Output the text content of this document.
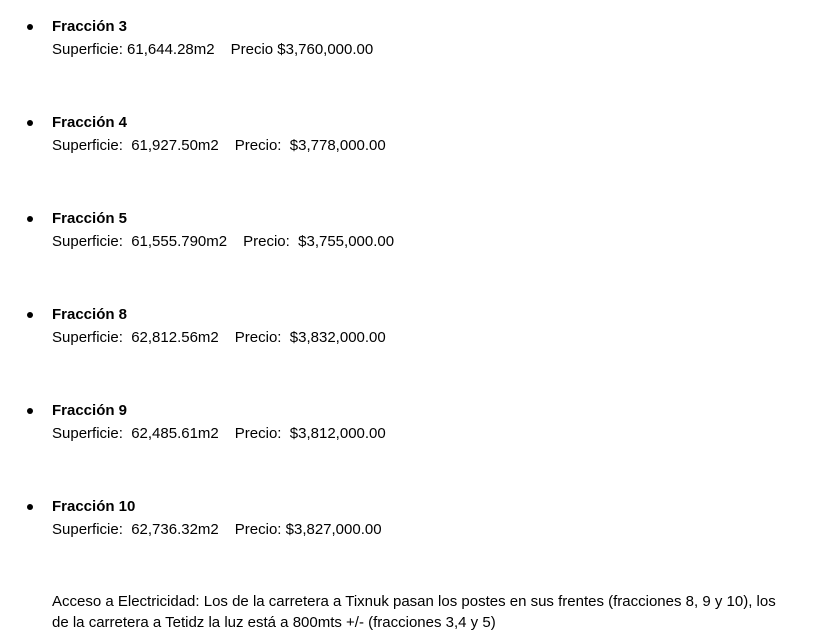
Fracción 3
Superficie: 61,644.28m2 Precio $3,760,000.00
Fracción 4
Superficie:  61,927.50m2 Precio:  $3,778,000.00
Fracción 5
Superficie:  61,555.790m2 Precio:  $3,755,000.00
Fracción 8
Superficie:  62,812.56m2 Precio:  $3,832,000.00
Fracción 9
Superficie:  62,485.61m2 Precio:  $3,812,000.00
Fracción 10
Superficie:  62,736.32m2 Precio: $3,827,000.00
Acceso a Electricidad: Los de la carretera a Tixnuk pasan los postes en sus frentes (fracciones 8, 9 y 10), los
de la carretera a Tetidz la luz está a 800mts +/- (fracciones 3,4 y 5)
